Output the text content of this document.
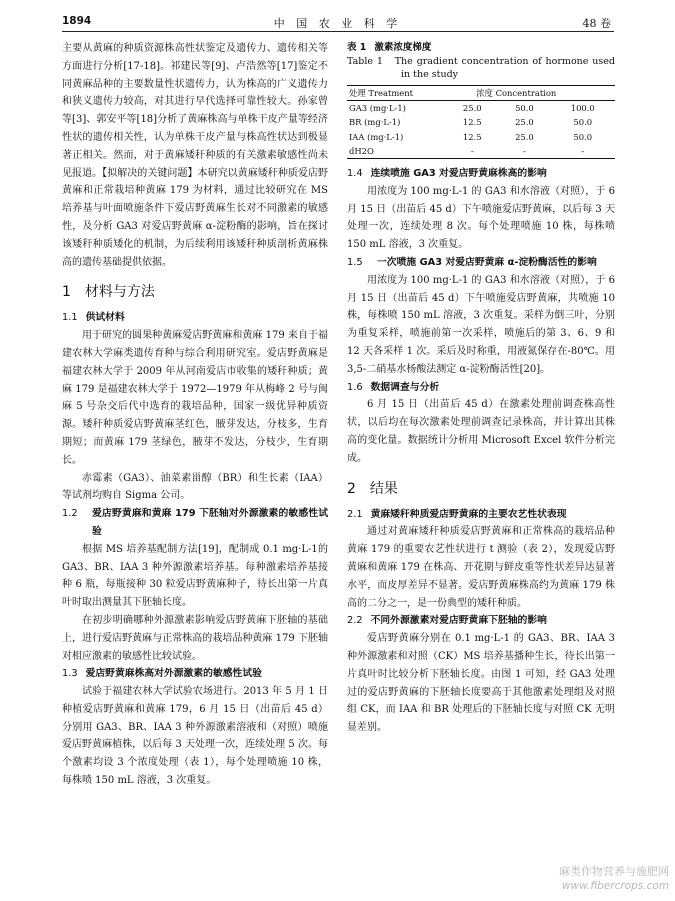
1894	中 国 农 业 科 学	48 卷

主要从黄麻的种质资源株高性状鉴定及遗传力、遗传相关等方面进行分析[17-18]。祁建民等[9]、卢浩然等[17]鉴定不同黄麻品种的主要数量性状遗传力，认为株高的广义遗传力和狭义遗传力较高，对其进行早代选择可靠性较大。孙家曾等[3]、郭安平等[18]分析了黄麻株高与单株干皮产量等经济性状的遗传相关性，认为单株干皮产量与株高性状达到极显著正相关。然而，对于黄麻矮秆种质的有关激素敏感性尚未见报道。【拟解决的关键问题】本研究以黄麻矮秆种质爱店野黄麻和正常栽培种黄麻 179 为材料，通过比较研究在 MS 培养基与叶面喷施条件下爱店野黄麻生长对不同激素的敏感性，及分析 GA3 对爱店野黄麻 α-淀粉酶的影响，旨在探讨该矮秆种质矮化的机制，为后续利用该矮秆种质剖析黄麻株高的遗传基础提供依据。

1 材料与方法
1.1 供试材料

用于研究的圆果种黄麻爱店野黄麻和黄麻 179 来自于福建农林大学麻类遗传育种与综合利用研究室。爱店野黄麻是福建农林大学于 2009 年从河南爱店市收集的矮秆种质；黄麻 179 是福建农林大学于 1972—1979 年从梅峰 2 号与闽麻 5 号杂交后代中选育的栽培品种，国家一级优异种质资源。矮秆种质爱店野黄麻茎红色，腋芽发达，分枝多，生育期短；而黄麻 179 茎绿色，腋芽不发达，分枝少，生育期长。

赤霉素（GA3）、油菜素甾醇（BR）和生长素（IAA）等试剂均购自 Sigma 公司。

1.2 爱店野黄麻和黄麻 179 下胚轴对外源激素的敏感性试验

根据 MS 培养基配制方法[19]，配制成 0.1 mg·L-1的 GA3、BR、IAA 3 种外源激素培养基。每种激素培养基接种 6 瓶，每瓶接种 30 粒爱店野黄麻种子，待长出第一片真叶时取出测量其下胚轴长度。

在初步明确哪种外源激素影响爱店野黄麻下胚轴的基础上，进行爱店野黄麻与正常株高的栽培品种黄麻 179 下胚轴对相应激素的敏感性比较试验。

1.3 爱店野黄麻株高对外源激素的敏感性试验

试验于福建农林大学试验农场进行。2013 年 5 月 1 日种植爱店野黄麻和黄麻 179，6 月 15 日（出苗后 45 d）分别用 GA3、BR、IAA 3 种外源激素溶液和（对照）喷施爱店野黄麻植株，以后每 3 天处理一次，连续处理 5 次。每个激素均设 3 个浓度处理（表 1），每个处理喷施 10 株，每株喷 150 mL 溶液，3 次重复。

表 1 激素浓度梯度
Table 1 The gradient concentration of hormone used in the study
处理 Treatment	浓度 Concentration		
GA3 (mg·L-1)	25.0	50.0	100.0
BR (mg·L-1)	12.5	25.0	50.0
IAA (mg·L-1)	12.5	25.0	50.0
dH2O	-	-	-
1.4 连续喷施 GA3 对爱店野黄麻株高的影响

用浓度为 100 mg·L-1 的 GA3 和水溶液（对照），于 6 月 15 日（出苗后 45 d）下午喷施爱店野黄麻，以后每 3 天处理一次，连续处理 8 次。每个处理喷施 10 株，每株喷 150 mL 溶液，3 次重复。

1.5 一次喷施 GA3 对爱店野黄麻 α-淀粉酶活性的影响

用浓度为 100 mg·L-1 的 GA3 和水溶液（对照），于 6 月 15 日（出苗后 45 d）下午喷施爱店野黄麻，共喷施 10 株，每株喷 150 mL 溶液，3 次重复。采样为倒三叶，分别为重复采样，喷施前第一次采样，喷施后的第 3、6、9 和 12 天各采样 1 次。采后及时称重，用液氮保存在-80℃。用 3,5-二硝基水杨酸法测定 α-淀粉酶活性[20]。

1.6 数据调查与分析

6 月 15 日（出苗后 45 d）在激素处理前调查株高性状，以后均在每次激素处理前调查记录株高，并计算出其株高的变化量。数据统计分析用 Microsoft Excel 软件分析完成。

2 结果
2.1 黄麻矮秆种质爱店野黄麻的主要农艺性状表现

通过对黄麻矮秆种质爱店野黄麻和正常株高的栽培品种黄麻 179 的重要农艺性状进行 t 测验（表 2），发现爱店野黄麻和黄麻 179 在株高、开花期与鲜皮重等性状差异达显著水平，而皮厚差异不显著。爱店野黄麻株高约为黄麻 179 株高的二分之一，是一份典型的矮秆种质。

2.2 不同外源激素对爱店野黄麻下胚轴的影响

爱店野黄麻分别在 0.1 mg·L-1 的 GA3、BR、IAA 3 种外源激素和对照（CK）MS 培养基播种生长，待长出第一片真叶时比较分析下胚轴长度。由图 1 可知，经 GA3 处理过的爱店野黄麻的下胚轴长度要高于其他激素处理组及对照组 CK，而 IAA 和 BR 处理后的下胚轴长度与对照 CK 无明显差别。

麻类作物营养与施肥网
www.fibercrops.com
